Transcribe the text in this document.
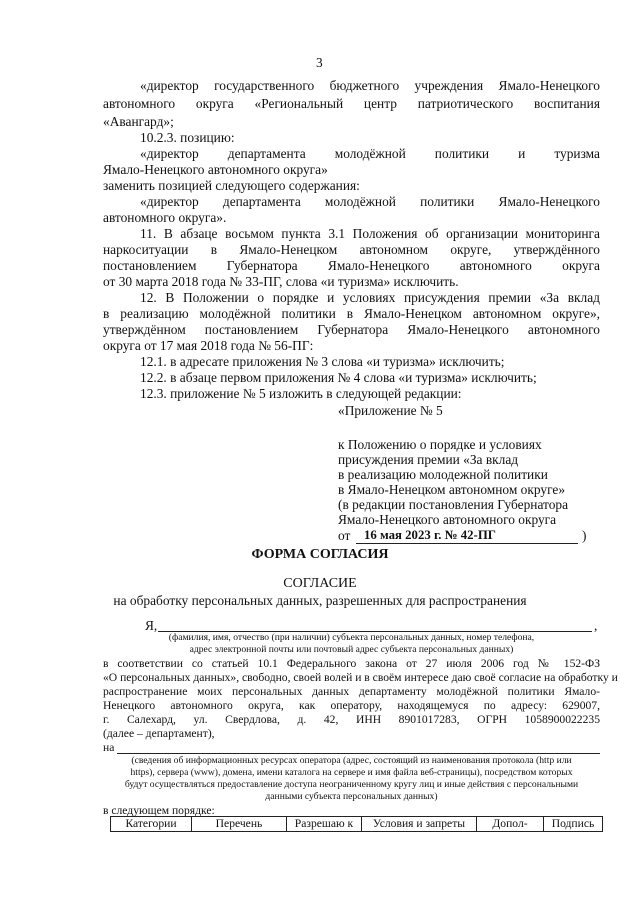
3
«директор государственного бюджетного учреждения Ямало-Ненецкого
автономного округа «Региональный центр патриотического воспитания
«Авангард»;
10.2.3. позицию:
«директор департамента молодёжной политики и туризма
Ямало-Ненецкого автономного округа»
заменить позицией следующего содержания:
«директор департамента молодёжной политики Ямало-Ненецкого
автономного округа».
11. В абзаце восьмом пункта 3.1 Положения об организации мониторинга
наркоситуации в Ямало-Ненецком автономном округе, утверждённого
постановлением Губернатора Ямало-Ненецкого автономного округа
от 30 марта 2018 года № 33-ПГ, слова «и туризма» исключить.
12. В Положении о порядке и условиях присуждения премии «За вклад
в реализацию молодёжной политики в Ямало-Ненецком автономном округе»,
утверждённом постановлением Губернатора Ямало-Ненецкого автономного
округа от 17 мая 2018 года № 56-ПГ:
12.1. в адресате приложения № 3 слова «и туризма» исключить;
12.2. в абзаце первом приложения № 4 слова «и туризма» исключить;
12.3. приложение № 5 изложить в следующей редакции:
«Приложение № 5
к Положению о порядке и условиях
присуждения премии «За вклад
в реализацию молодежной политики
в Ямало-Ненецком автономном округе»
(в редакции постановления Губернатора
Ямало-Ненецкого автономного округа
от 16 мая 2023 г. № 42-ПГ	)
ФОРМА СОГЛАСИЯ
СОГЛАСИЕ
на обработку персональных данных, разрешенных для распространения
Я,	,
(фамилия, имя, отчество (при наличии) субъекта персональных данных, номер телефона,
адрес электронной почты или почтовый адрес субъекта персональных данных)
в соответствии со статьей 10.1 Федерального закона от 27 июля 2006 год № 152-ФЗ
«О персональных данных», свободно, своей волей и в своём интересе даю своё согласие на обработку и
распространение моих персональных данных департаменту молодёжной политики Ямало-
Ненецкого автономного округа, как оператору, находящемуся по адресу: 629007,
г. Салехард, ул. Свердлова, д. 42, ИНН 8901017283, ОГРН 1058900022235
(далее – департамент),
на
(сведения об информационных ресурсах оператора (адрес, состоящий из наименования протокола (http или
https), сервера (www), домена, имени каталога на сервере и имя файла веб-страницы), посредством которых
будут осуществляться предоставление доступа неограниченному кругу лиц и иные действия с персональными
данными субъекта персональных данных)
в следующем порядке:
Категории	Перечень	Разрешаю к	Условия и запреты	Допол-	Подпись
